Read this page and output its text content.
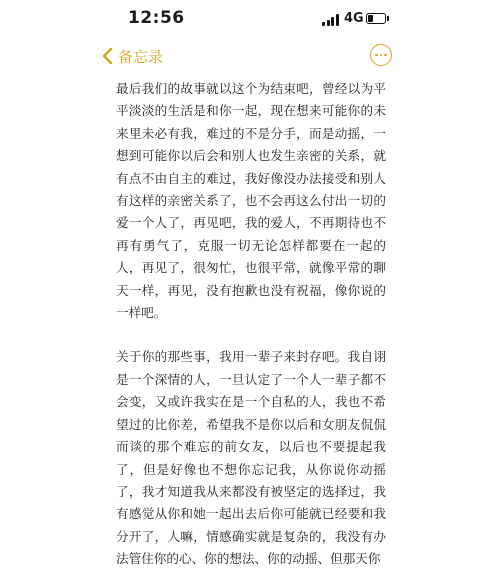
12:56	4G
备忘录

最后我们的故事就以这个为结束吧，曾经以为平平淡淡的生活是和你一起，现在想来可能你的未来里未必有我，难过的不是分手，而是动摇，一想到可能你以后会和别人也发生亲密的关系，就有点不由自主的难过，我好像没办法接受和别人有这样的亲密关系了，也不会再这么付出一切的爱一个人了，再见吧，我的爱人，不再期待也不再有勇气了，克服一切无论怎样都要在一起的人，再见了，很匆忙，也很平常，就像平常的聊天一样，再见，没有抱歉也没有祝福，像你说的一样吧。

关于你的那些事，我用一辈子来封存吧。我自诩是一个深情的人，一旦认定了一个人一辈子都不会变，又或许我实在是一个自私的人，我也不希望过的比你差，希望我不是你以后和女朋友侃侃而谈的那个难忘的前女友，以后也不要提起我了，但是好像也不想你忘记我，从你说你动摇了，我才知道我从来都没有被坚定的选择过，我有感觉从你和她一起出去后你可能就已经要和我分开了，人嘛，情感确实就是复杂的，我没有办法管住你的心、你的想法、你的动摇、但那天你
